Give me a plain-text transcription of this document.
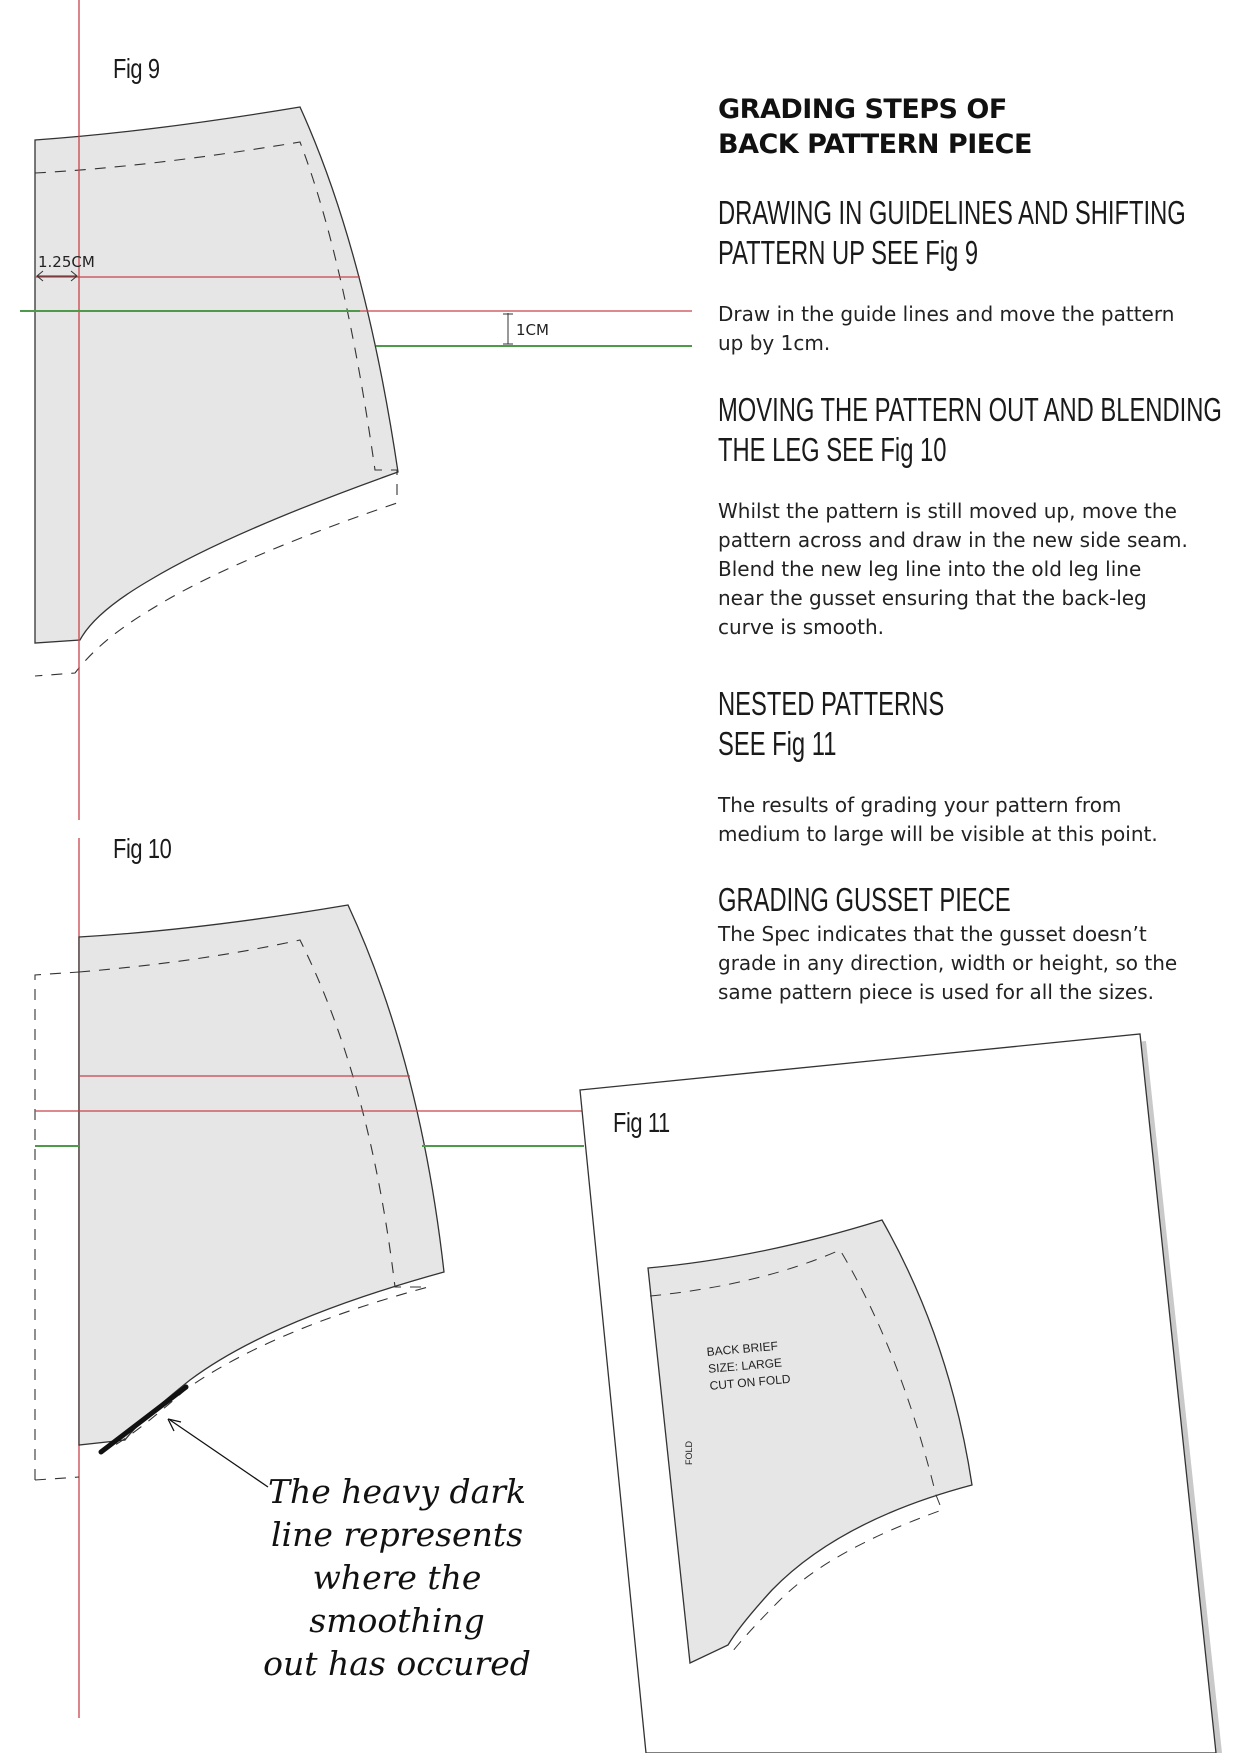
Fig 9
1.25CM
1CM
Fig 10
Fig 11
BACK BRIEF
SIZE: LARGE
CUT ON FOLD
FOLD
GRADING STEPS OF
BACK PATTERN PIECE
DRAWING IN GUIDELINES AND SHIFTING
PATTERN UP SEE Fig 9

Draw in the guide lines and move the pattern up by 1cm.

MOVING THE PATTERN OUT AND BLENDING
THE LEG SEE Fig 10

Whilst the pattern is still moved up, move the pattern across and draw in the new side seam. Blend the new leg line into the old leg line near the gusset ensuring that the back-leg curve is smooth.

NESTED PATTERNS
SEE Fig 11

The results of grading your pattern from medium to large will be visible at this point.

GRADING GUSSET PIECE

The Spec indicates that the gusset doesn’t grade in any direction, width or height, so the same pattern piece is used for all the sizes.

The heavy dark
line represents
where the smoothing
out has occured
